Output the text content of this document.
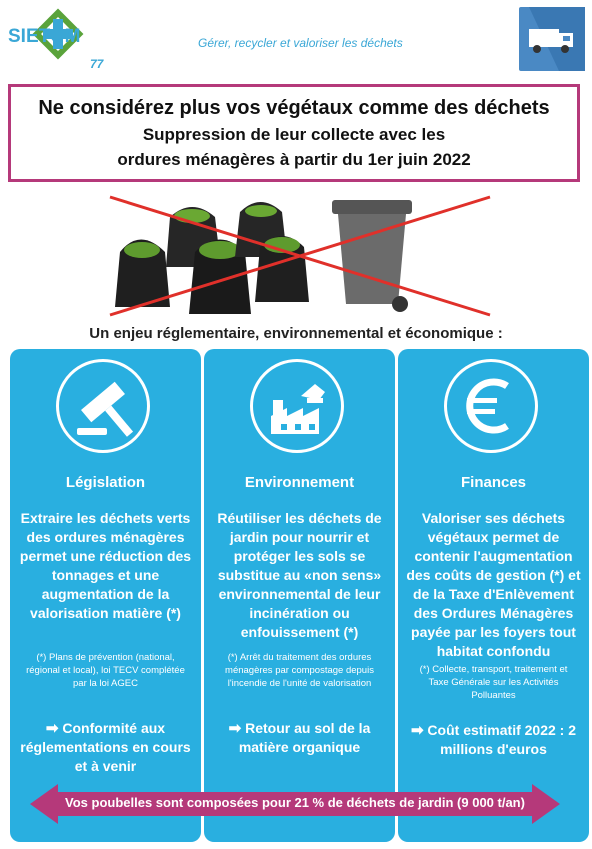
SIETOM
77
Gérer, recycler et valoriser les déchets
Ne considérez plus vos végétaux comme des déchets
Suppression de leur collecte avec les
ordures ménagères à partir du 1er juin 2022
Un enjeu réglementaire, environnemental et économique :
Législation
Extraire les déchets verts des ordures ménagères permet une réduction des tonnages et une augmentation de la valorisation matière (*)
(*) Plans de prévention (national, régional et local), loi TECV complétée par la loi AGEC
➡ Conformité aux réglementations en cours et à venir
Environnement
Réutiliser les déchets de jardin pour nourrir et protéger les sols se substitue au «non sens» environnemental de leur incinération ou enfouissement (*)
(*) Arrêt du traitement des ordures ménagères par compostage depuis l'incendie de l'unité de valorisation
➡ Retour au sol de la matière organique
Finances
Valoriser ses déchets végétaux permet de contenir l'augmentation des coûts de gestion (*) et de la Taxe d'Enlèvement des Ordures Ménagères payée par les foyers tout habitat confondu
(*) Collecte, transport, traitement et Taxe Générale sur les Activités Polluantes
➡ Coût estimatif 2022 : 2 millions d'euros
Vos poubelles sont composées pour 21 % de déchets de jardin (9 000 t/an)
